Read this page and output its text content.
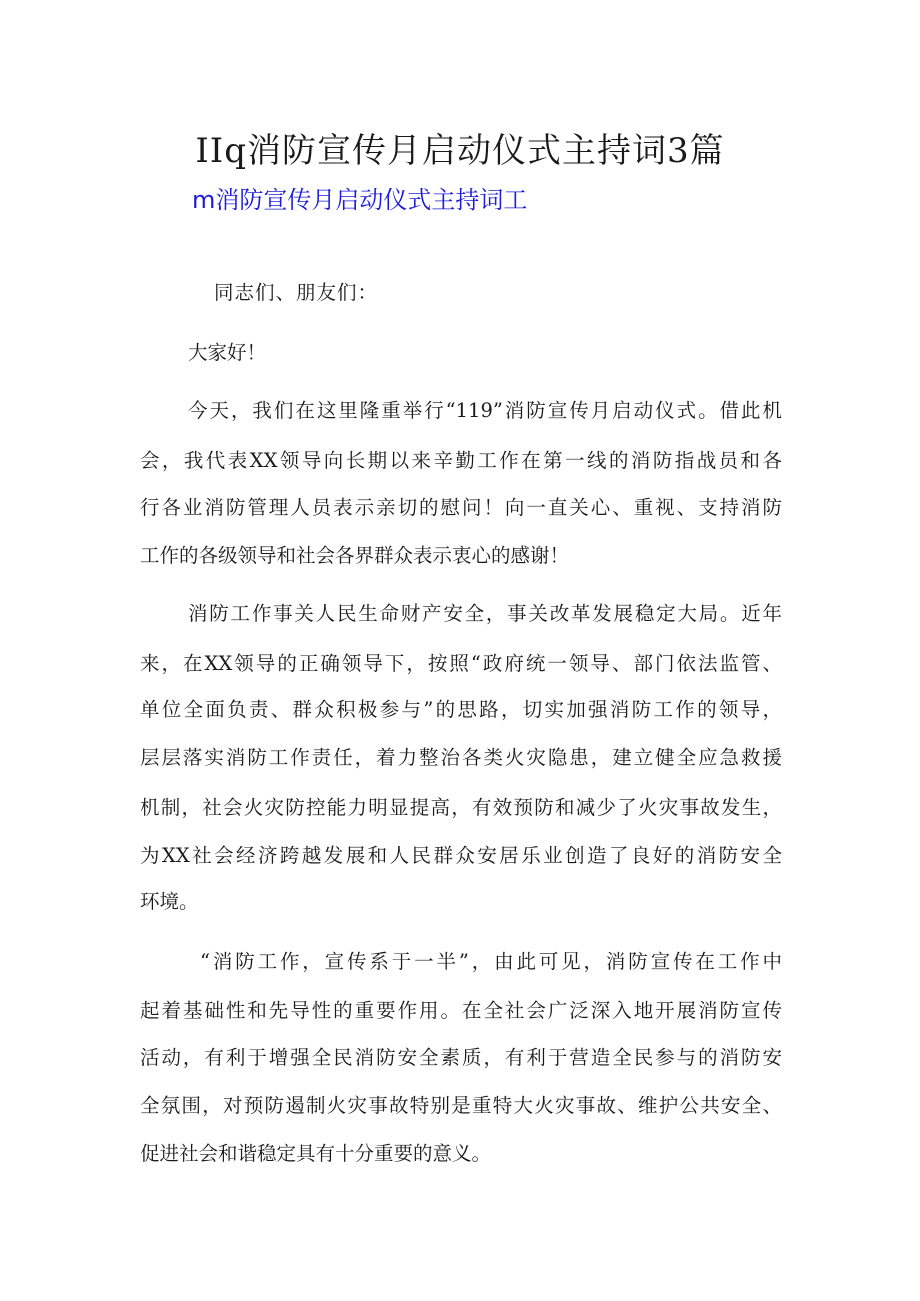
IIq消防宣传月启动仪式主持词3篇
m消防宣传月启动仪式主持词工

同志们、朋友们：

大家好！

今天，我们在这里隆重举行“119”消防宣传月启动仪式。借此机

会，我代表XX领导向长期以来辛勤工作在第一线的消防指战员和各

行各业消防管理人员表示亲切的慰问！向一直关心、重视、支持消防

工作的各级领导和社会各界群众表示衷心的感谢！

消防工作事关人民生命财产安全，事关改革发展稳定大局。近年

来，在XX领导的正确领导下，按照“政府统一领导、部门依法监管、

单位全面负责、群众积极参与”的思路，切实加强消防工作的领导，

层层落实消防工作责任，着力整治各类火灾隐患，建立健全应急救援

机制，社会火灾防控能力明显提高，有效预防和减少了火灾事故发生，

为XX社会经济跨越发展和人民群众安居乐业创造了良好的消防安全

环境。

“消防工作，宣传系于一半”，由此可见，消防宣传在工作中

起着基础性和先导性的重要作用。在全社会广泛深入地开展消防宣传

活动，有利于增强全民消防安全素质，有利于营造全民参与的消防安

全氛围，对预防遏制火灾事故特别是重特大火灾事故、维护公共安全、

促进社会和谐稳定具有十分重要的意义。
